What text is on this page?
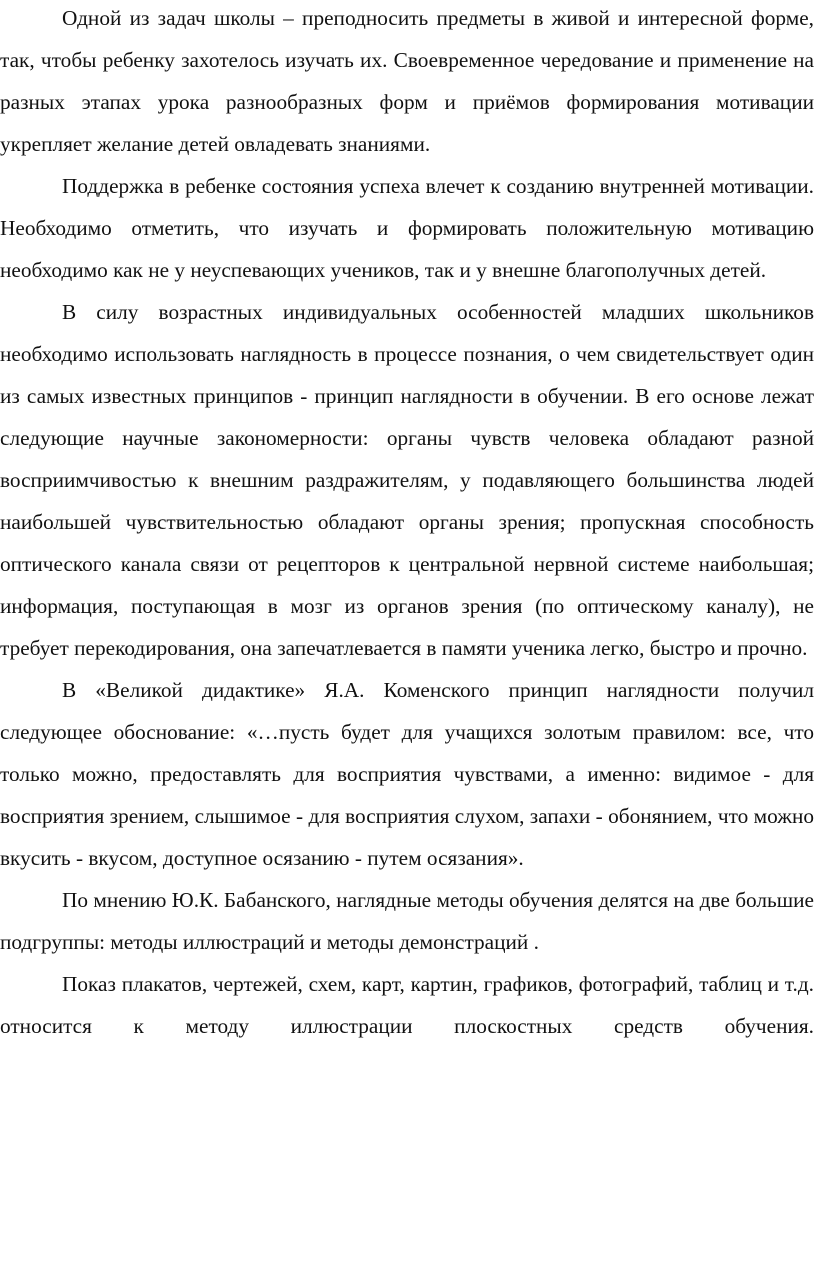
Одной из задач школы – преподносить предметы в живой и интересной форме, так, чтобы ребенку захотелось изучать их. Своевременное чередование и применение на разных этапах урока разнообразных форм и приёмов формирования мотивации укрепляет желание детей овладевать знаниями.

Поддержка в ребенке состояния успеха влечет к созданию внутренней мотивации. Необходимо отметить, что изучать и формировать положительную мотивацию необходимо как не у неуспевающих учеников, так и у внешне благополучных детей.

В силу возрастных индивидуальных особенностей младших школьников необходимо использовать наглядность в процессе познания, о чем свидетельствует один из самых известных принципов - принцип наглядности в обучении. В его основе лежат следующие научные закономерности: органы чувств человека обладают разной восприимчивостью к внешним раздражителям, у подавляющего большинства людей наибольшей чувствительностью обладают органы зрения; пропускная способность оптического канала связи от рецепторов к центральной нервной системе наибольшая; информация, поступающая в мозг из органов зрения (по оптическому каналу), не требует перекодирования, она запечатлевается в памяти ученика легко, быстро и прочно.

В «Великой дидактике» Я.А. Коменского принцип наглядности получил следующее обоснование: «…пусть будет для учащихся золотым правилом: все, что только можно, предоставлять для восприятия чувствами, а именно: видимое - для восприятия зрением, слышимое - для восприятия слухом, запахи - обонянием, что можно вкусить - вкусом, доступное осязанию - путем осязания».

По мнению Ю.К. Бабанского, наглядные методы обучения делятся на две большие подгруппы: методы иллюстраций и методы демонстраций .

Показ плакатов, чертежей, схем, карт, картин, графиков, фотографий, таблиц и т.д. относится к методу иллюстрации плоскостных средств обучения.
